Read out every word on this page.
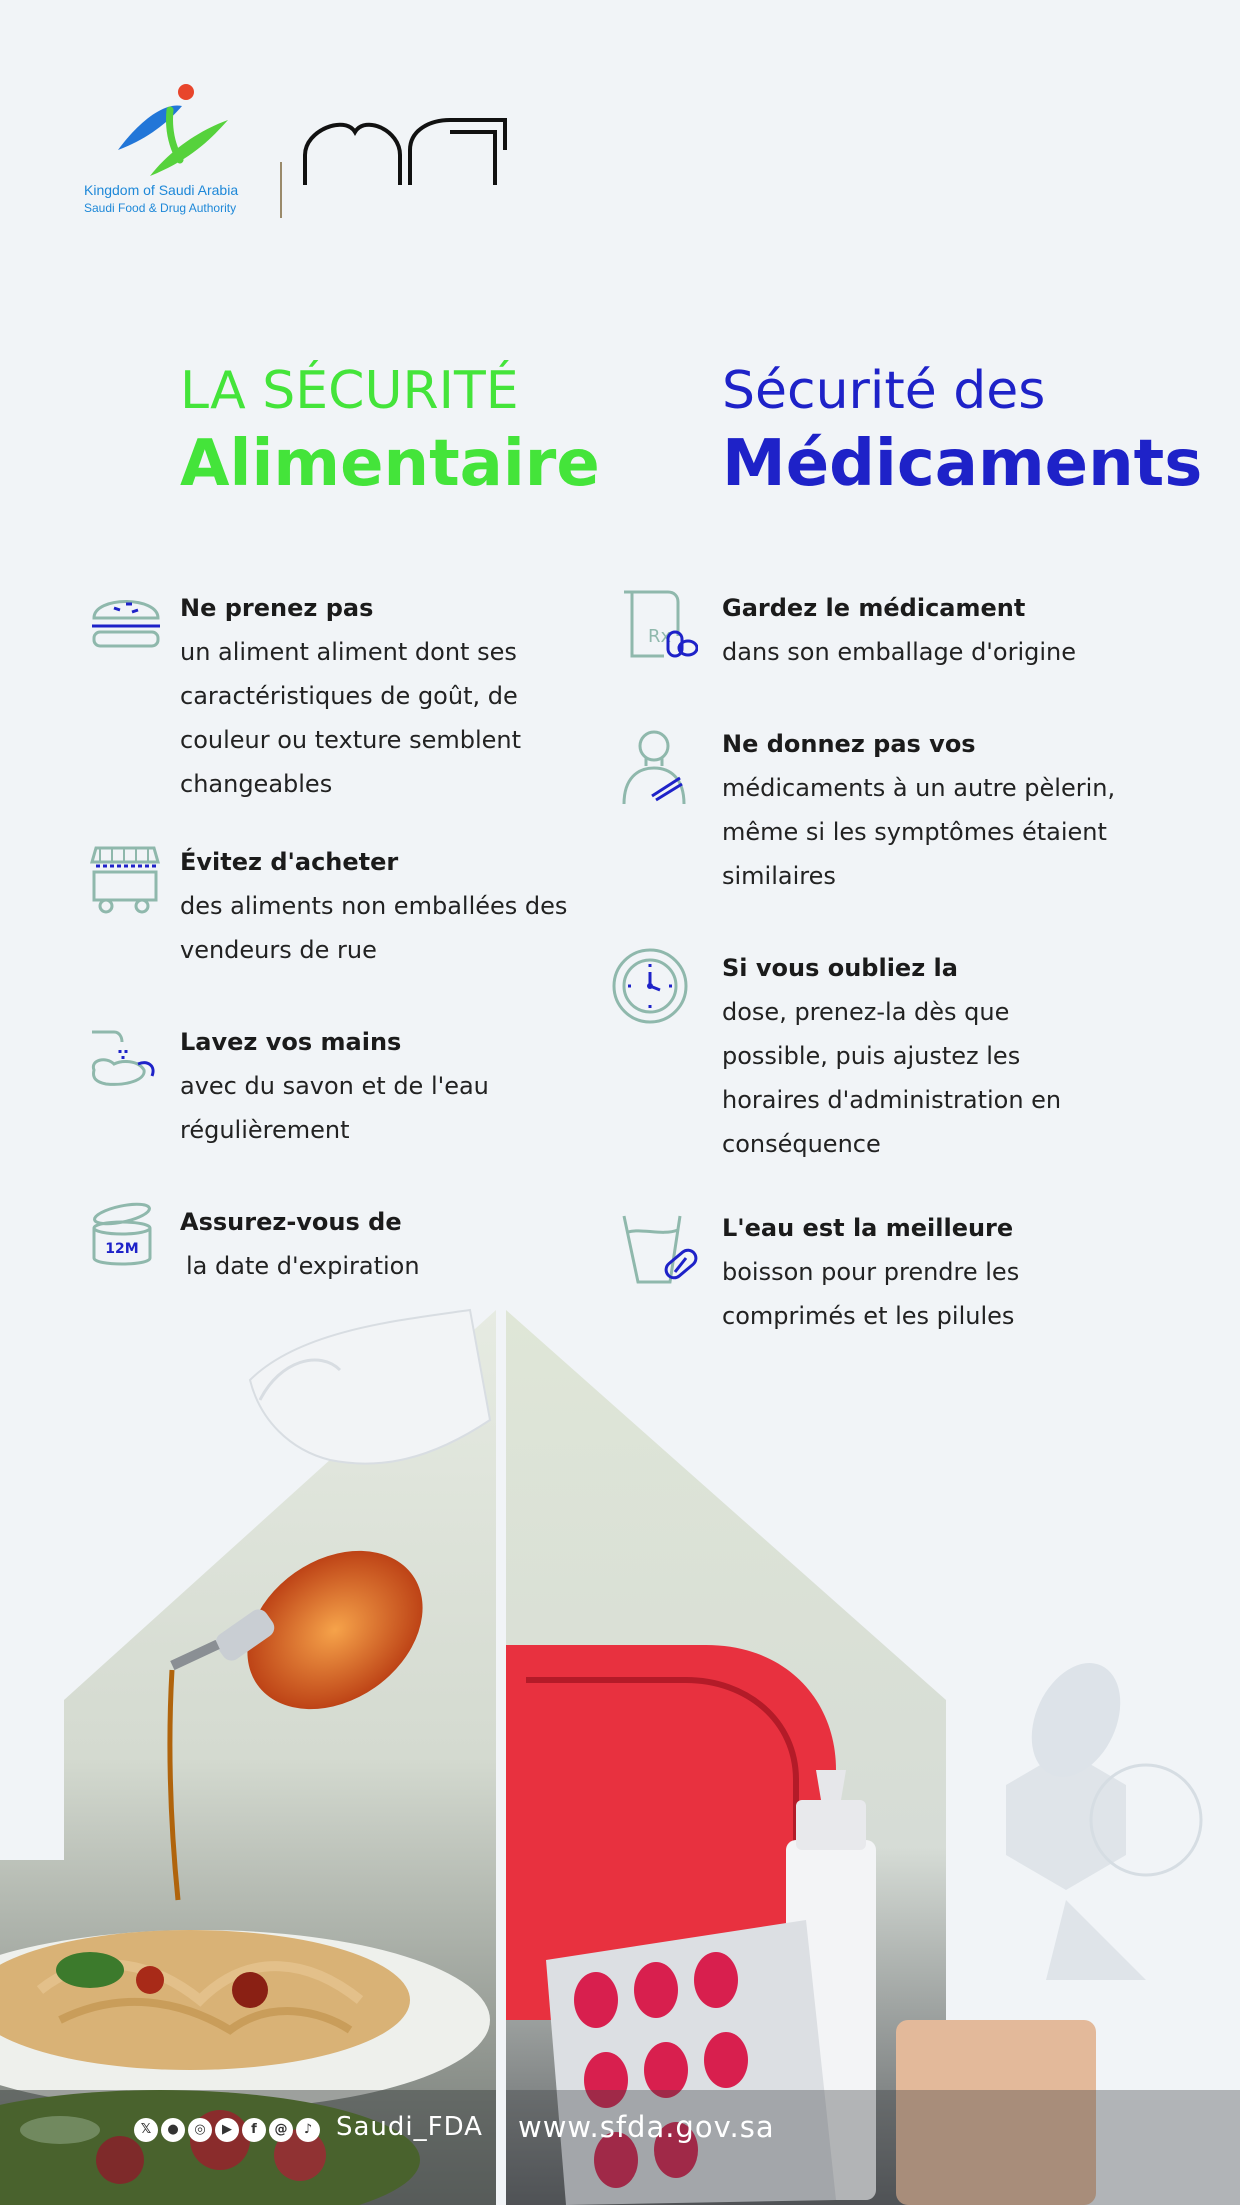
Kingdom of Saudi Arabia
Saudi Food & Drug Authority
LA SÉCURITÉ
Alimentaire
Ne prenez pas
un aliment aliment dont ses caractéristiques de goût, de couleur ou texture semblent changeables
Évitez d'acheter
des aliments non emballées des vendeurs de rue
Lavez vos mains
avec du savon et de l'eau régulièrement
12M
Assurez-vous de
la date d'expiration
Sécurité des
Médicaments
Rx
Gardez le médicament
dans son emballage d'origine
Ne donnez pas vos
médicaments à un autre pèlerin, même si les symptômes étaient similaires
Si vous oubliez la
dose, prenez-la dès que possible, puis ajustez les horaires d'administration en conséquence
L'eau est la meilleure
boisson pour prendre les comprimés et les pilules
𝕏	●	◎	▶	f	@	♪ Saudi_FDA www.sfda.gov.sa
